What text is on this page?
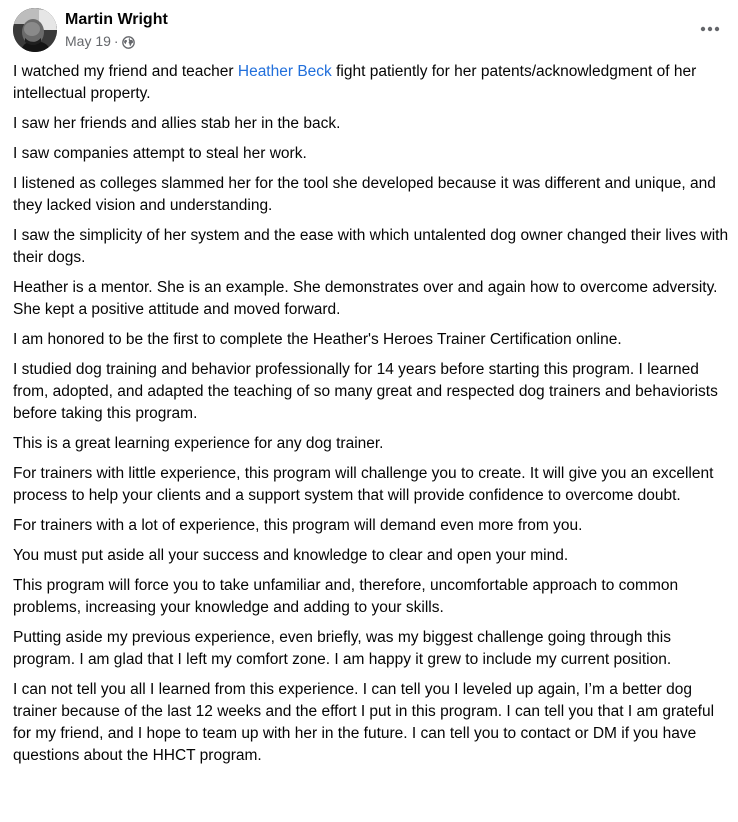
Martin Wright
May 19 ·

I watched my friend and teacher Heather Beck fight patiently for her patents/acknowledgment of her intellectual property.

I saw her friends and allies stab her in the back.

I saw companies attempt to steal her work.

I listened as colleges slammed her for the tool she developed because it was different and unique, and they lacked vision and understanding.

I saw the simplicity of her system and the ease with which untalented dog owner changed their lives with their dogs.

Heather is a mentor. She is an example. She demonstrates over and again how to overcome adversity. She kept a positive attitude and moved forward.

I am honored to be the first to complete the Heather's Heroes Trainer Certification online.

I studied dog training and behavior professionally for 14 years before starting this program. I learned from, adopted, and adapted the teaching of so many great and respected dog trainers and behaviorists before taking this program.

This is a great learning experience for any dog trainer.

For trainers with little experience, this program will challenge you to create. It will give you an excellent process to help your clients and a support system that will provide confidence to overcome doubt.

For trainers with a lot of experience, this program will demand even more from you.

You must put aside all your success and knowledge to clear and open your mind.

This program will force you to take unfamiliar and, therefore, uncomfortable approach to common problems, increasing your knowledge and adding to your skills.

Putting aside my previous experience, even briefly, was my biggest challenge going through this program. I am glad that I left my comfort zone. I am happy it grew to include my current position.

I can not tell you all I learned from this experience. I can tell you I leveled up again, I’m a better dog trainer because of the last 12 weeks and the effort I put in this program. I can tell you that I am grateful for my friend, and I hope to team up with her in the future. I can tell you to contact or DM if you have questions about the HHCT program.
